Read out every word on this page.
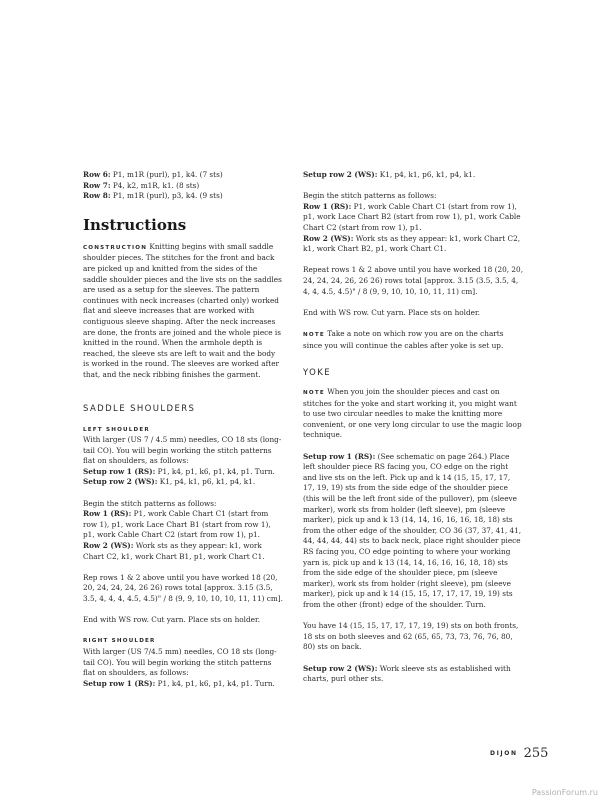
Row 6: P1, m1R (purl), p1, k4. (7 sts)

Row 7: P4, k2, m1R, k1. (8 sts)

Row 8: P1, m1R (purl), p3, k4. (9 sts)

Instructions

CONSTRUCTION Knitting begins with small saddle shoulder pieces. The stitches for the front and back are picked up and knitted from the sides of the saddle shoulder pieces and the live sts on the saddles are used as a setup for the sleeves. The pattern continues with neck increases (charted only) worked flat and sleeve increases that are worked with contiguous sleeve shaping. After the neck increases are done, the fronts are joined and the whole piece is knitted in the round. When the armhole depth is reached, the sleeve sts are left to wait and the body is worked in the round. The sleeves are worked after that, and the neck ribbing finishes the garment.

SADDLE SHOULDERS

LEFT SHOULDER

With larger (US 7 / 4.5 mm) needles, CO 18 sts (long-tail CO). You will begin working the stitch patterns flat on shoulders, as follows:

Setup row 1 (RS): P1, k4, p1, k6, p1, k4, p1. Turn.

Setup row 2 (WS): K1, p4, k1, p6, k1, p4, k1.

Begin the stitch patterns as follows:

Row 1 (RS): P1, work Cable Chart C1 (start from row 1), p1, work Lace Chart B1 (start from row 1), p1, work Cable Chart C2 (start from row 1), p1.

Row 2 (WS): Work sts as they appear: k1, work Chart C2, k1, work Chart B1, p1, work Chart C1.

Rep rows 1 & 2 above until you have worked 18 (20, 20, 24, 24, 24, 26 26) rows total [approx. 3.15 (3.5, 3.5, 4, 4, 4, 4.5, 4.5)" / 8 (9, 9, 10, 10, 10, 11, 11) cm].

End with WS row. Cut yarn. Place sts on holder.

RIGHT SHOULDER

With larger (US 7/4.5 mm) needles, CO 18 sts (long-tail CO). You will begin working the stitch patterns flat on shoulders, as follows:

Setup row 1 (RS): P1, k4, p1, k6, p1, k4, p1. Turn.

Setup row 2 (WS): K1, p4, k1, p6, k1, p4, k1.

Begin the stitch patterns as follows:

Row 1 (RS): P1, work Cable Chart C1 (start from row 1), p1, work Lace Chart B2 (start from row 1), p1, work Cable Chart C2 (start from row 1), p1.

Row 2 (WS): Work sts as they appear: k1, work Chart C2, k1, work Chart B2, p1, work Chart C1.

Repeat rows 1 & 2 above until you have worked 18 (20, 20, 24, 24, 24, 26, 26 26) rows total [approx. 3.15 (3.5, 3.5, 4, 4, 4, 4.5, 4.5)" / 8 (9, 9, 10, 10, 10, 11, 11) cm].

End with WS row. Cut yarn. Place sts on holder.

NOTE Take a note on which row you are on the charts since you will continue the cables after yoke is set up.

YOKE

NOTE When you join the shoulder pieces and cast on stitches for the yoke and start working it, you might want to use two circular needles to make the knitting more convenient, or one very long circular to use the magic loop technique.

Setup row 1 (RS): (See schematic on page 264.) Place left shoulder piece RS facing you, CO edge on the right and live sts on the left. Pick up and k 14 (15, 15, 17, 17, 17, 19, 19) sts from the side edge of the shoulder piece (this will be the left front side of the pullover), pm (sleeve marker), work sts from holder (left sleeve), pm (sleeve marker), pick up and k 13 (14, 14, 16, 16, 16, 18, 18) sts from the other edge of the shoulder, CO 36 (37, 37, 41, 41, 44, 44, 44, 44) sts to back neck, place right shoulder piece RS facing you, CO edge pointing to where your working yarn is, pick up and k 13 (14, 14, 16, 16, 16, 18, 18) sts from the side edge of the shoulder piece, pm (sleeve marker), work sts from holder (right sleeve), pm (sleeve marker), pick up and k 14 (15, 15, 17, 17, 17, 19, 19) sts from the other (front) edge of the shoulder. Turn.

You have 14 (15, 15, 17, 17, 17, 19, 19) sts on both fronts, 18 sts on both sleeves and 62 (65, 65, 73, 73, 76, 76, 80, 80) sts on back.

Setup row 2 (WS): Work sleeve sts as established with charts, purl other sts.

DIJON 255
PassionForum.ru
